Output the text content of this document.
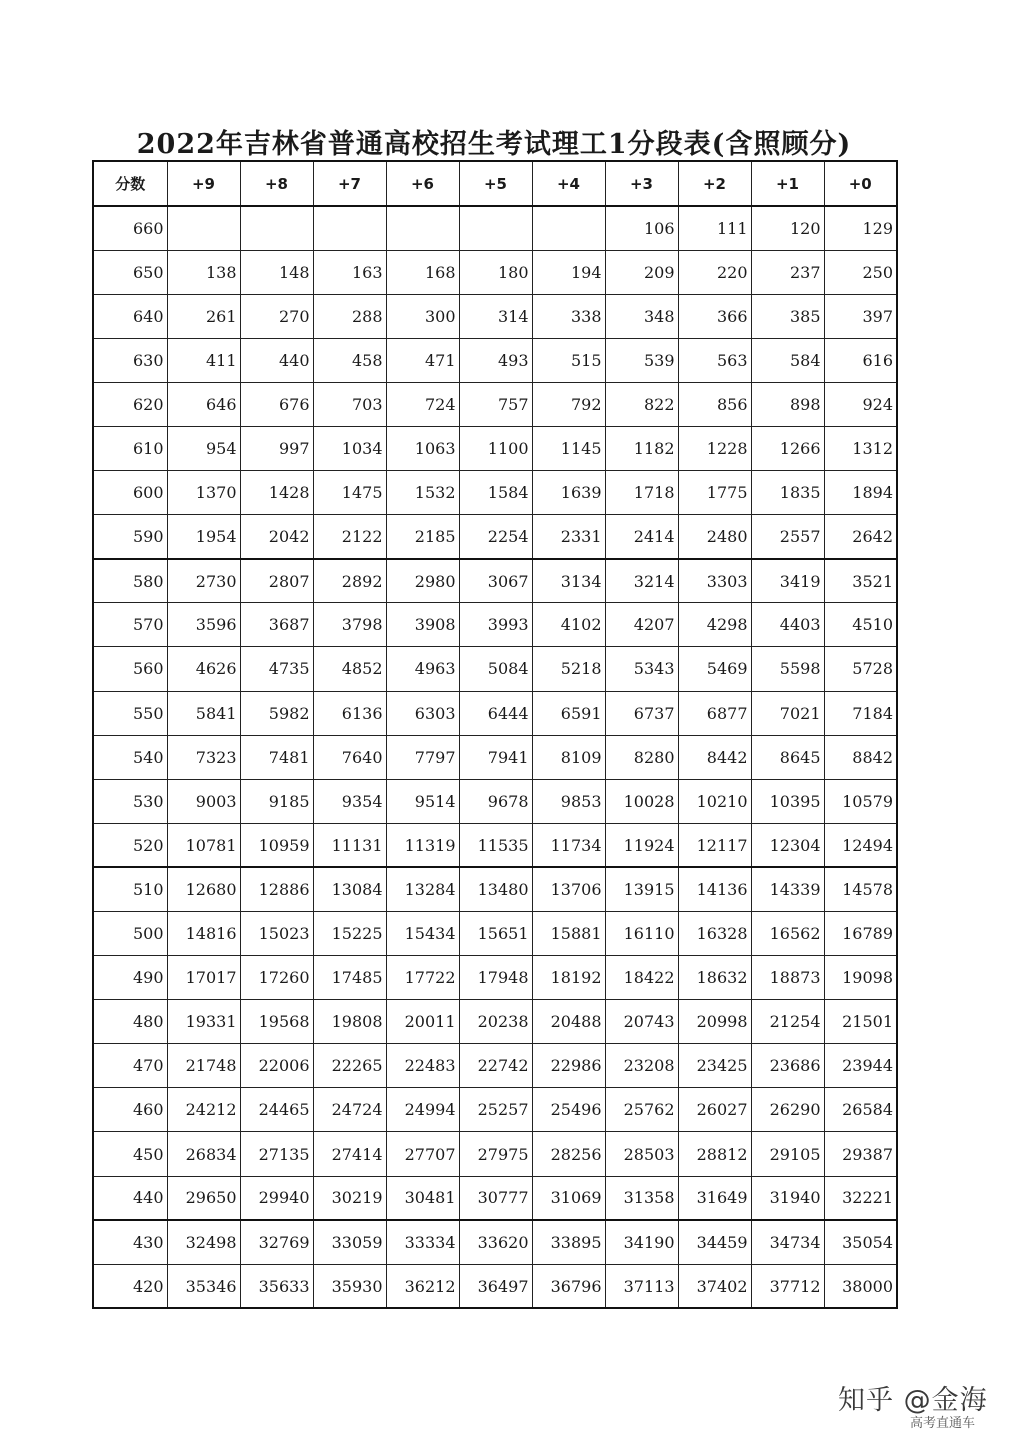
2022年吉林省普通高校招生考试理工1分段表(含照顾分)
分数	+9	+8	+7	+6	+5	+4	+3	+2	+1	+0
660							106	111	120	129
650	138	148	163	168	180	194	209	220	237	250
640	261	270	288	300	314	338	348	366	385	397
630	411	440	458	471	493	515	539	563	584	616
620	646	676	703	724	757	792	822	856	898	924
610	954	997	1034	1063	1100	1145	1182	1228	1266	1312
600	1370	1428	1475	1532	1584	1639	1718	1775	1835	1894
590	1954	2042	2122	2185	2254	2331	2414	2480	2557	2642
580	2730	2807	2892	2980	3067	3134	3214	3303	3419	3521
570	3596	3687	3798	3908	3993	4102	4207	4298	4403	4510
560	4626	4735	4852	4963	5084	5218	5343	5469	5598	5728
550	5841	5982	6136	6303	6444	6591	6737	6877	7021	7184
540	7323	7481	7640	7797	7941	8109	8280	8442	8645	8842
530	9003	9185	9354	9514	9678	9853	10028	10210	10395	10579
520	10781	10959	11131	11319	11535	11734	11924	12117	12304	12494
510	12680	12886	13084	13284	13480	13706	13915	14136	14339	14578
500	14816	15023	15225	15434	15651	15881	16110	16328	16562	16789
490	17017	17260	17485	17722	17948	18192	18422	18632	18873	19098
480	19331	19568	19808	20011	20238	20488	20743	20998	21254	21501
470	21748	22006	22265	22483	22742	22986	23208	23425	23686	23944
460	24212	24465	24724	24994	25257	25496	25762	26027	26290	26584
450	26834	27135	27414	27707	27975	28256	28503	28812	29105	29387
440	29650	29940	30219	30481	30777	31069	31358	31649	31940	32221
430	32498	32769	33059	33334	33620	33895	34190	34459	34734	35054
420	35346	35633	35930	36212	36497	36796	37113	37402	37712	38000
知乎 @金海
高考直通车
